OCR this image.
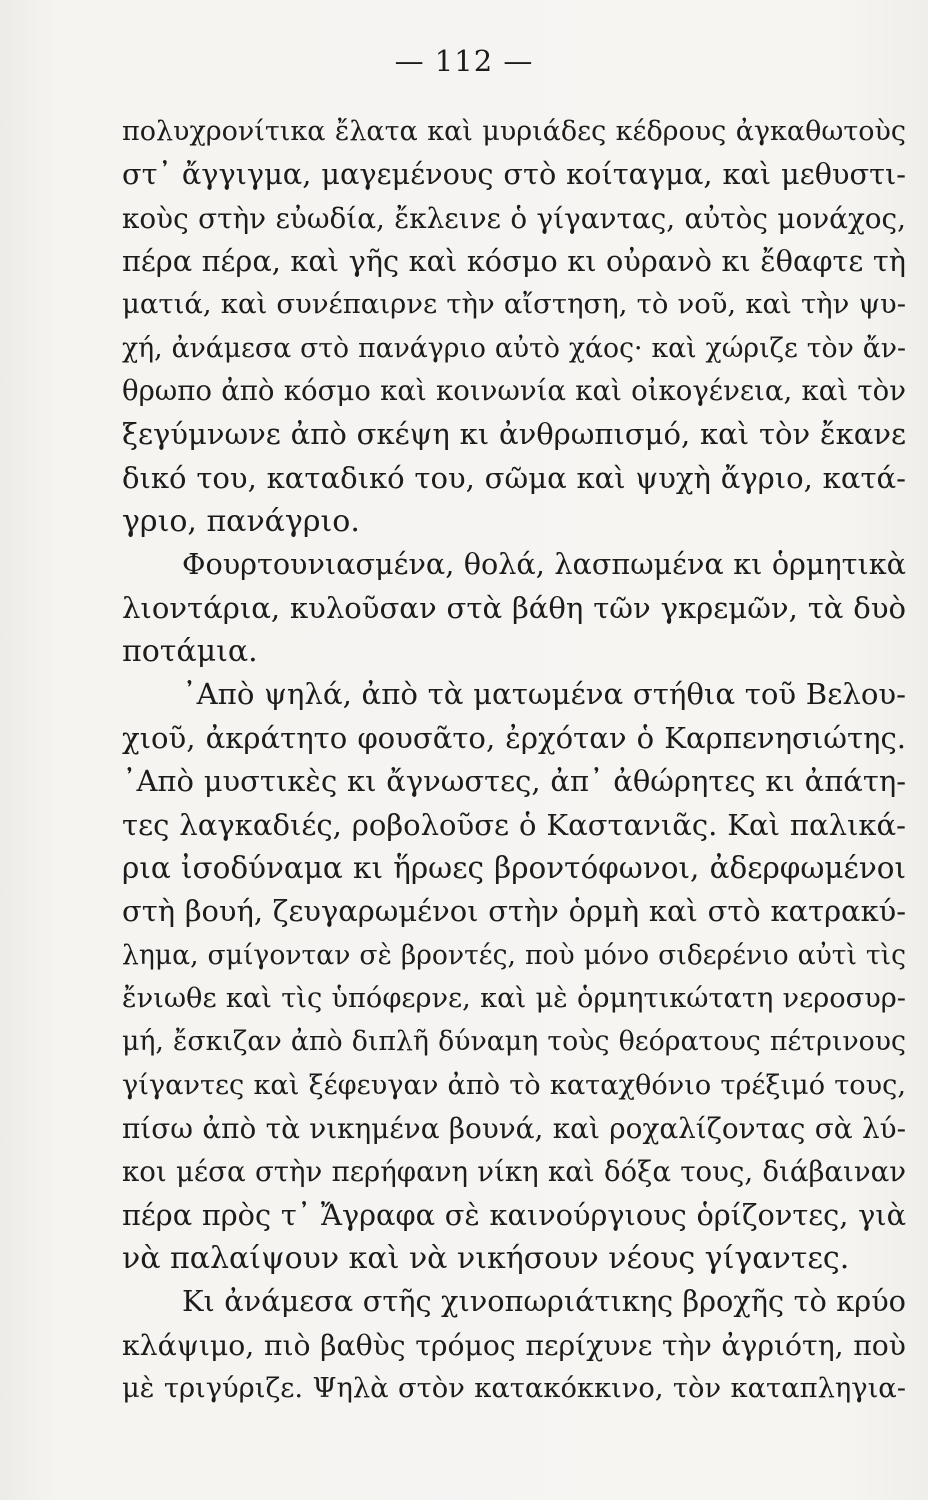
— 112 —
πολυχρονίτικα ἔλατα καὶ μυριάδες κέδρους ἀγκαθωτοὺς
στ᾿ ἄγγιγμα, μαγεμένους στὸ κοίταγμα, καὶ μεθυστι-
κοὺς στὴν εὐωδία, ἔκλεινε ὁ γίγαντας, αὐτὸς μονάχος,
πέρα πέρα, καὶ γῆς καὶ κόσμο κι οὐρανὸ κι ἔθαφτε τὴ
ματιά, καὶ συνέπαιρνε τὴν αἴστηση, τὸ νοῦ, καὶ τὴν ψυ-
χή, ἀνάμεσα στὸ πανάγριο αὐτὸ χάος· καὶ χώριζε τὸν ἄν-
θρωπο ἀπὸ κόσμο καὶ κοινωνία καὶ οἰκογένεια, καὶ τὸν
ξεγύμνωνε ἀπὸ σκέψη κι ἀνθρωπισμό, καὶ τὸν ἔκανε
δικό του, καταδικό του, σῶμα καὶ ψυχὴ ἄγριο, κατά-
γριο, πανάγριο.
Φουρτουνιασμένα, θολά, λασπωμένα κι ὁρμητικὰ
λιοντάρια, κυλοῦσαν στὰ βάθη τῶν γκρεμῶν, τὰ δυὸ
ποτάμια.
᾿Απὸ ψηλά, ἀπὸ τὰ ματωμένα στήθια τοῦ Βελου-
χιοῦ, ἀκράτητο φουσᾶτο, ἐρχόταν ὁ Καρπενησιώτης.
᾿Απὸ μυστικὲς κι ἄγνωστες, ἀπ᾿ ἀθώρητες κι ἀπάτη-
τες λαγκαδιές, ροβολοῦσε ὁ Καστανιᾶς. Καὶ παλικά-
ρια ἰσοδύναμα κι ἥρωες βροντόφωνοι, ἀδερφωμένοι
στὴ βουή, ζευγαρωμένοι στὴν ὁρμὴ καὶ στὸ κατρακύ-
λημα, σμίγονταν σὲ βροντές, ποὺ μόνο σιδερένιο αὐτὶ τὶς
ἔνιωθε καὶ τὶς ὑπόφερνε, καὶ μὲ ὁρμητικώτατη νεροσυρ-
μή, ἔσκιζαν ἀπὸ διπλῆ δύναμη τοὺς θεόρατους πέτρινους
γίγαντες καὶ ξέφευγαν ἀπὸ τὸ καταχθόνιο τρέξιμό τους,
πίσω ἀπὸ τὰ νικημένα βουνά, καὶ ροχαλίζοντας σὰ λύ-
κοι μέσα στὴν περήφανη νίκη καὶ δόξα τους, διάβαιναν
πέρα πρὸς τ᾿ Ἄγραφα σὲ καινούργιους ὁρίζοντες, γιὰ
νὰ παλαίψουν καὶ νὰ νικήσουν νέους γίγαντες.
Κι ἀνάμεσα στῆς χινοπωριάτικης βροχῆς τὸ κρύο
κλάψιμο, πιὸ βαθὺς τρόμος περίχυνε τὴν ἀγριότη, ποὺ
μὲ τριγύριζε. Ψηλὰ στὸν κατακόκκινο, τὸν καταπληγια-
